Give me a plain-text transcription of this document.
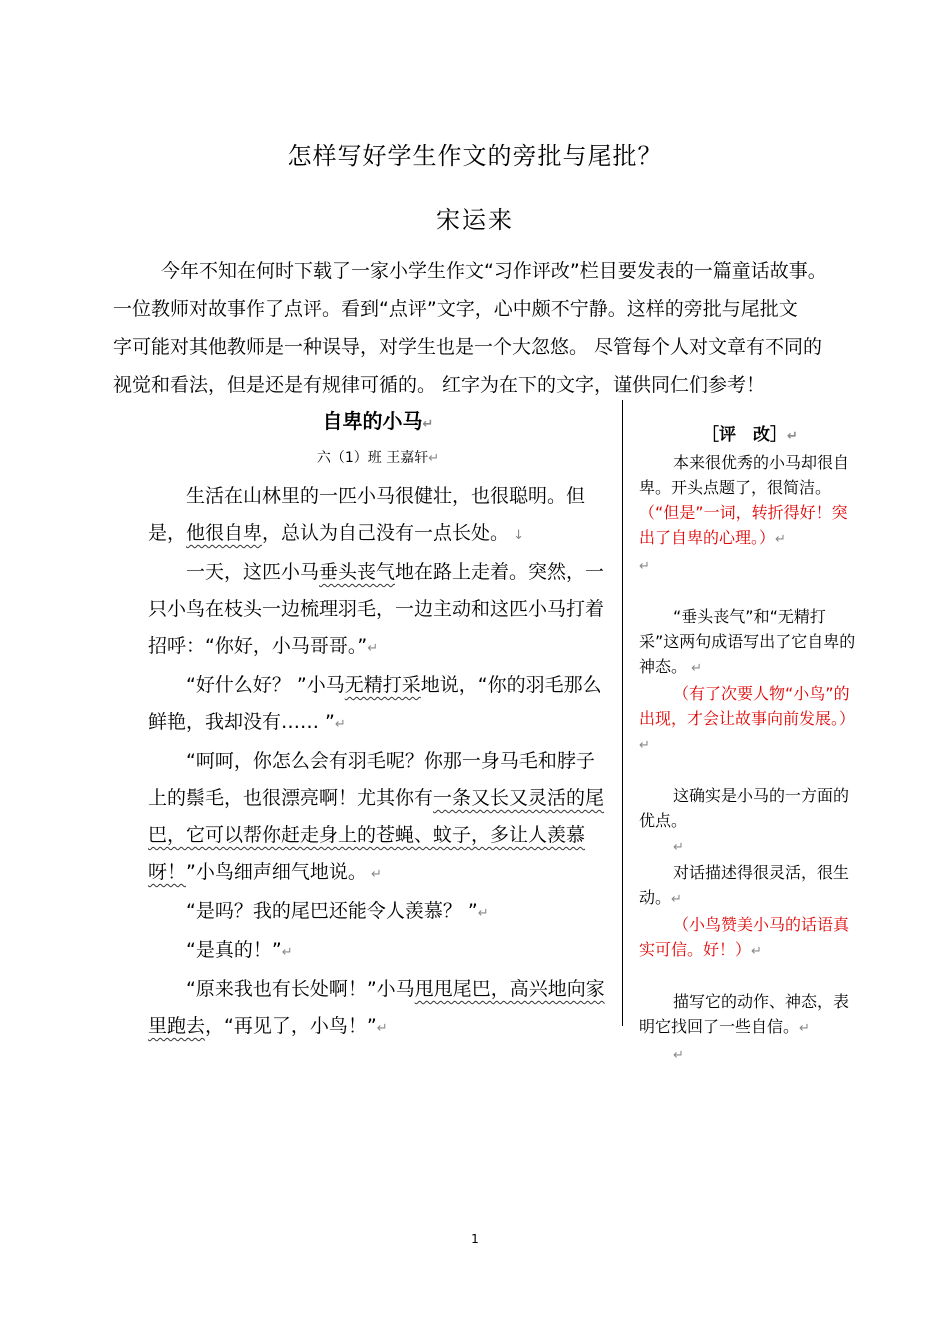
怎样写好学生作文的旁批与尾批？
宋运来
今年不知在何时下载了一家小学生作文“习作评改”栏目要发表的一篇童话故事。
一位教师对故事作了点评。看到“点评”文字，心中颇不宁静。这样的旁批与尾批文
字可能对其他教师是一种误导，对学生也是一个大忽悠。 尽管每个人对文章有不同的
视觉和看法，但是还是有规律可循的。 红字为在下的文字，谨供同仁们参考！
自卑的小马↵
六（1）班 王嘉轩↵
生活在山林里的一匹小马很健壮，也很聪明。但是，他很自卑，总认为自己没有一点长处。 ↓
一天，这匹小马垂头丧气地在路上走着。突然，一只小鸟在枝头一边梳理羽毛，一边主动和这匹小马打着招呼：“你好，小马哥哥。”↵
“好什么好？ ”小马无精打采地说，“你的羽毛那么鲜艳，我却没有…… ”↵
“呵呵，你怎么会有羽毛呢？你那一身马毛和脖子上的鬃毛，也很漂亮啊！尤其你有一条又长又灵活的尾巴，它可以帮你赶走身上的苍蝇、蚊子，多让人羡慕呀！”小鸟细声细气地说。 ↵
“是吗？我的尾巴还能令人羡慕？ ”↵
“是真的！”↵
“原来我也有长处啊！”小马甩甩尾巴，高兴地向家里跑去，“再见了，小鸟！”↵
［评　改］↵
本来很优秀的小马却很自卑。开头点题了，很简洁。（“但是”一词，转折得好！突出了自卑的心理。）↵
↵
“垂头丧气”和“无精打采”这两句成语写出了它自卑的神态。 ↵
（有了次要人物“小鸟”的出现，才会让故事向前发展。）↵
这确实是小马的一方面的优点。
↵
对话描述得很灵活，很生动。↵
（小鸟赞美小马的话语真实可信。好！）↵
描写它的动作、神态，表明它找回了一些自信。↵
↵
1
